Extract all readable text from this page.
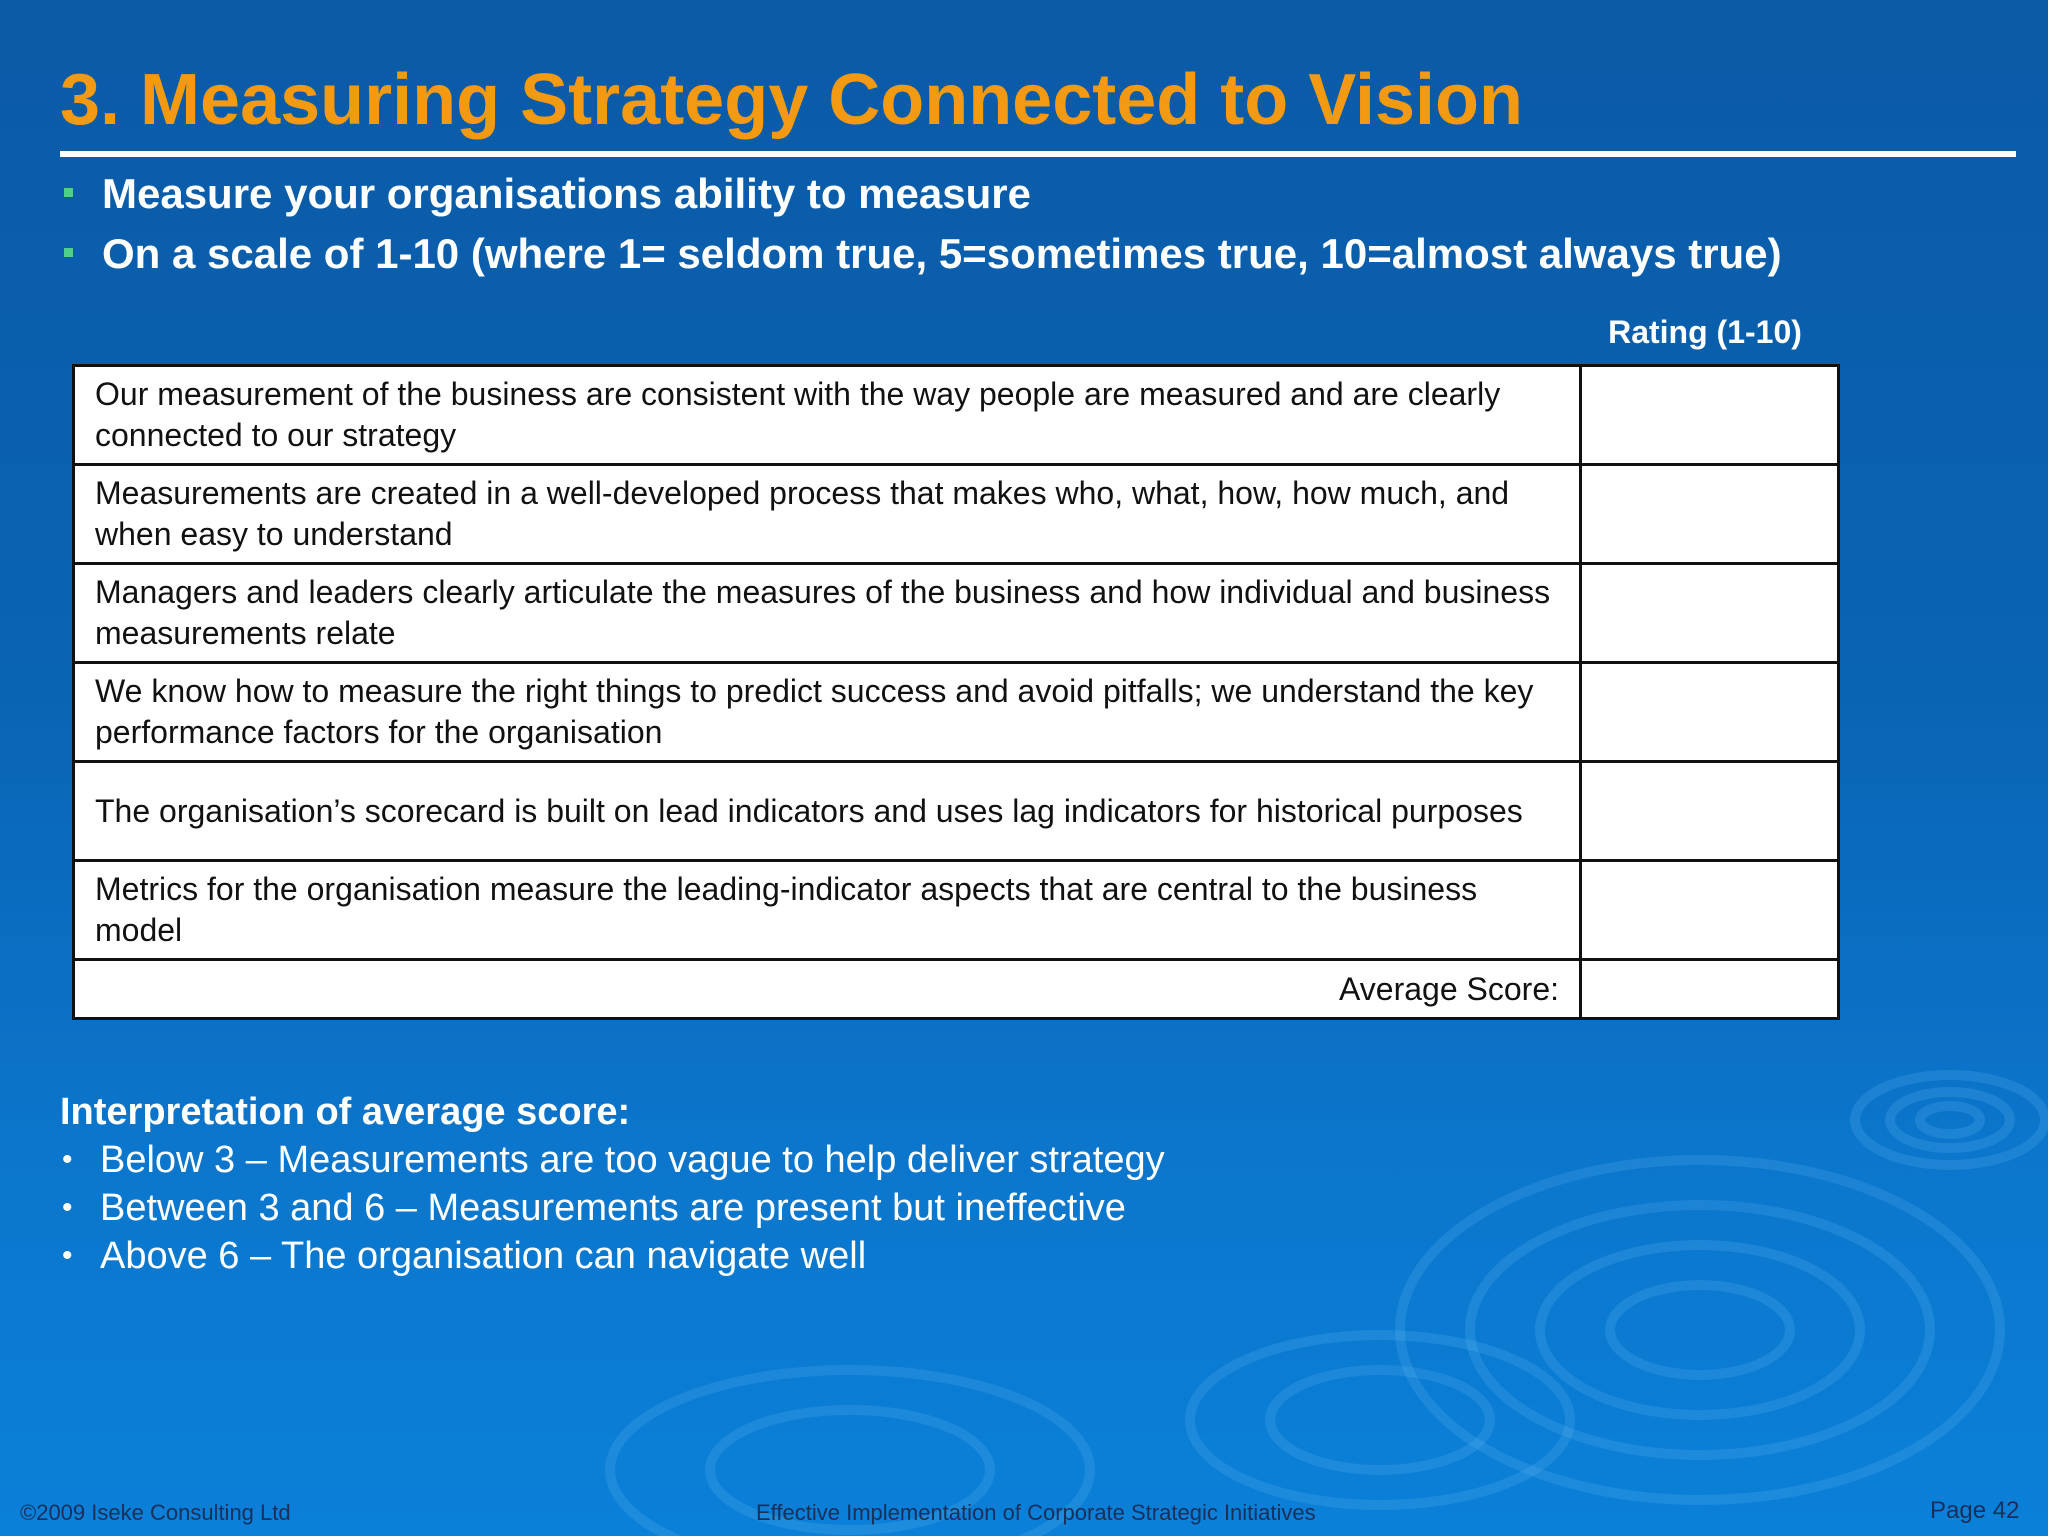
3. Measuring Strategy Connected to Vision
Measure your organisations ability to measure
On a scale of 1-10 (where 1= seldom true, 5=sometimes true, 10=almost always true)
Rating (1-10)
Our measurement of the business are consistent with the way people are measured and are clearly connected to our strategy	
Measurements are created in a well-developed process that makes who, what, how, how much, and when easy to understand	
Managers and leaders clearly articulate the measures of the business and how individual and business measurements relate	
We know how to measure the right things to predict success and avoid pitfalls; we understand the key performance factors for the organisation	
The organisation’s scorecard is built on lead indicators and uses lag indicators for historical purposes	
Metrics for the organisation measure the leading-indicator aspects that are central to the business model	
Average Score:	
Interpretation of average score:
• Below 3 – Measurements are too vague to help deliver strategy
• Between 3 and 6 – Measurements are present but ineffective
• Above 6 – The organisation can navigate well
©2009 Iseke Consulting Ltd	Effective Implementation of Corporate Strategic Initiatives	Page 42
